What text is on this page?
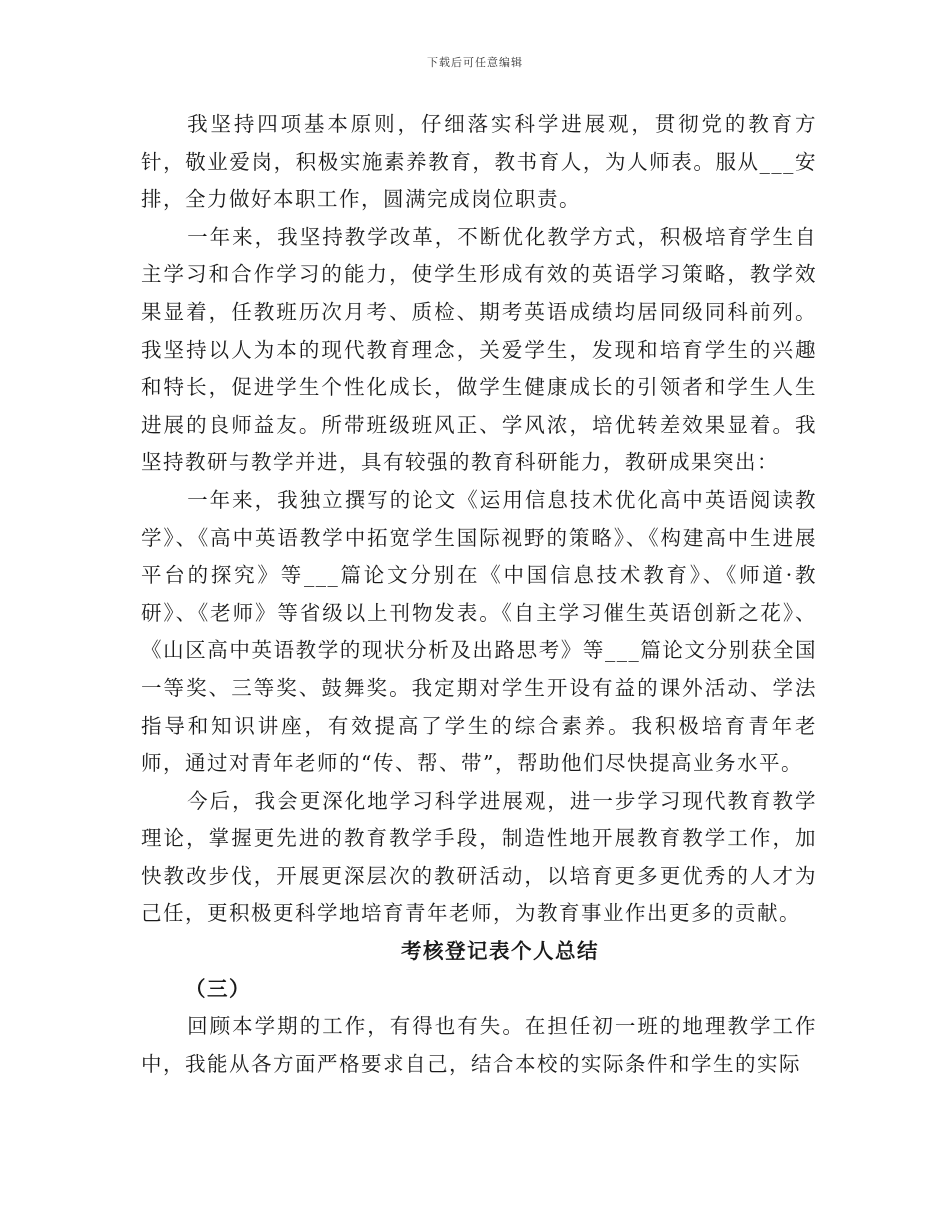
下载后可任意编辑

我坚持四项基本原则，仔细落实科学进展观，贯彻党的教育方针，敬业爱岗，积极实施素养教育，教书育人，为人师表。服从___安排，全力做好本职工作，圆满完成岗位职责。

一年来，我坚持教学改革，不断优化教学方式，积极培育学生自主学习和合作学习的能力，使学生形成有效的英语学习策略，教学效果显着，任教班历次月考、质检、期考英语成绩均居同级同科前列。我坚持以人为本的现代教育理念，关爱学生，发现和培育学生的兴趣和特长，促进学生个性化成长，做学生健康成长的引领者和学生人生进展的良师益友。所带班级班风正、学风浓，培优转差效果显着。我坚持教研与教学并进，具有较强的教育科研能力，教研成果突出：

一年来，我独立撰写的论文《运用信息技术优化高中英语阅读教学》、《高中英语教学中拓宽学生国际视野的策略》、《构建高中生进展平台的探究》等___篇论文分别在《中国信息技术教育》、《师道·教研》、《老师》等省级以上刊物发表。《自主学习催生英语创新之花》、《山区高中英语教学的现状分析及出路思考》等___篇论文分别获全国一等奖、三等奖、鼓舞奖。我定期对学生开设有益的课外活动、学法指导和知识讲座，有效提高了学生的综合素养。我积极培育青年老师，通过对青年老师的“传、帮、带”，帮助他们尽快提高业务水平。

今后，我会更深化地学习科学进展观，进一步学习现代教育教学理论，掌握更先进的教育教学手段，制造性地开展教育教学工作，加快教改步伐，开展更深层次的教研活动，以培育更多更优秀的人才为己任，更积极更科学地培育青年老师，为教育事业作出更多的贡献。

考核登记表个人总结

（三）

回顾本学期的工作，有得也有失。在担任初一班的地理教学工作中，我能从各方面严格要求自己，结合本校的实际条件和学生的实际
